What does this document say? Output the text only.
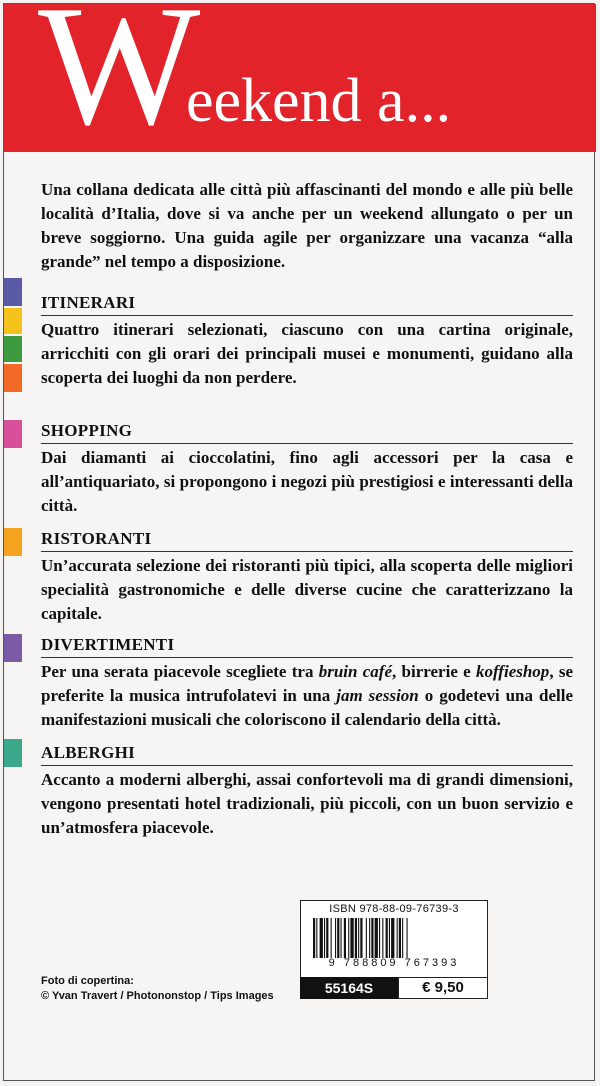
W
eekend a...
Una collana dedicata alle città più affascinanti del mondo e alle più belle località d’Italia, dove si va anche per un weekend allungato o per un breve soggiorno. Una guida agile per organizzare una vacanza “alla grande” nel tempo a disposizione.
ITINERARI
Quattro itinerari selezionati, ciascuno con una cartina originale, arricchiti con gli orari dei principali musei e monumenti, guidano alla scoperta dei luoghi da non perdere.
SHOPPING
Dai diamanti ai cioccolatini, fino agli accessori per la casa e all’antiquariato, si propongono i negozi più prestigiosi e interessanti della città.
RISTORANTI
Un’accurata selezione dei ristoranti più tipici, alla scoperta delle migliori specialità gastronomiche e delle diverse cucine che caratterizzano la capitale.
DIVERTIMENTI
Per una serata piacevole scegliete tra bruin café, birrerie e koffieshop, se preferite la musica intrufolatevi in una jam session o godetevi una delle manifestazioni musicali che coloriscono il calendario della città.
ALBERGHI
Accanto a moderni alberghi, assai confortevoli ma di grandi dimensioni, vengono presentati hotel tradizionali, più piccoli, con un buon servizio e un’atmosfera piacevole.
Foto di copertina:
© Yvan Travert / Photononstop / Tips Images
ISBN 978-88-09-76739-3
9 788809 767393
55164S	€ 9,50
